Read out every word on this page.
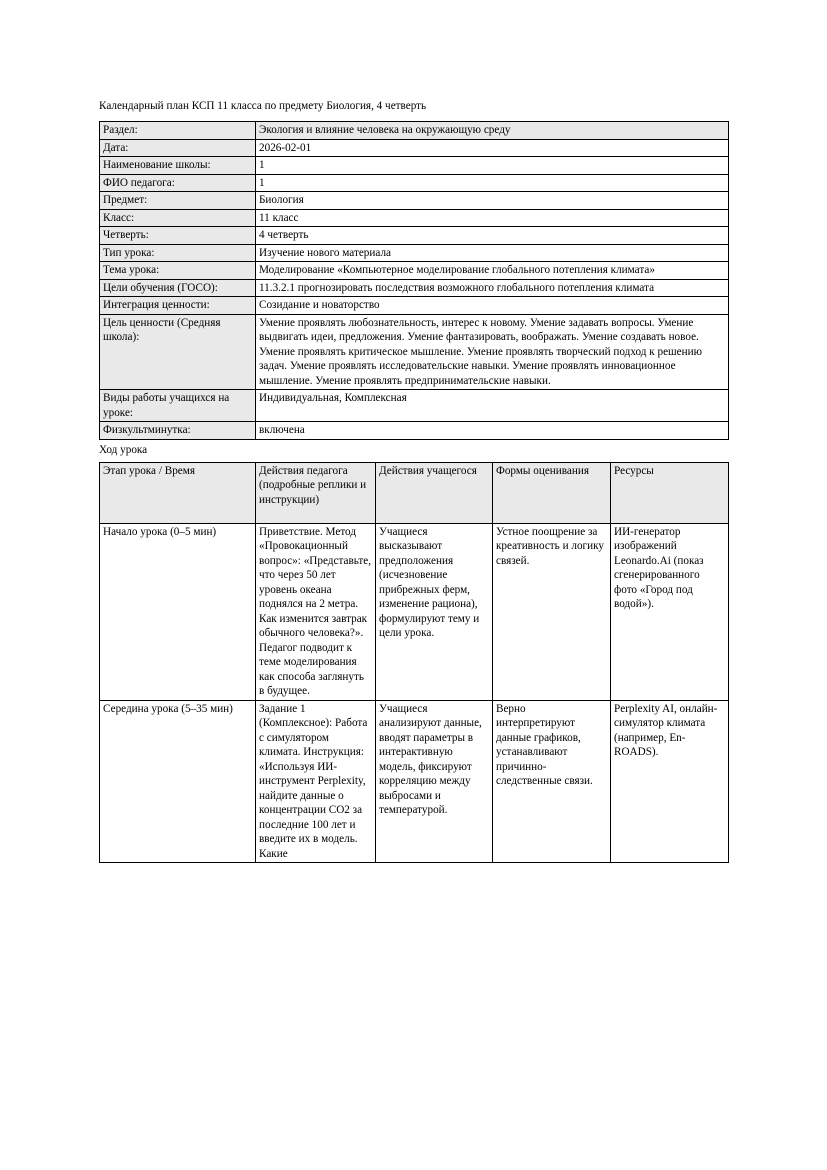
Календарный план КСП 11 класса по предмету Биология, 4 четверть

Раздел:	Экология и влияние человека на окружающую среду
Дата:	2026-02-01
Наименование школы:	1
ФИО педагога:	1
Предмет:	Биология
Класс:	11 класс
Четверть:	4 четверть
Тип урока:	Изучение нового материала
Тема урока:	Моделирование «Компьютерное моделирование глобального потепления климата»
Цели обучения (ГОСО):	11.3.2.1 прогнозировать последствия возможного глобального потепления климата
Интеграция ценности:	Созидание и новаторство
Цель ценности (Средняя школа):	Умение проявлять любознательность, интерес к новому. Умение задавать вопросы. Умение выдвигать идеи, предложения. Умение фантазировать, воображать. Умение создавать новое. Умение проявлять критическое мышление. Умение проявлять творческий подход к решению задач. Умение проявлять исследовательские навыки. Умение проявлять инновационное мышление. Умение проявлять предпринимательские навыки.
Виды работы учащихся на уроке:	Индивидуальная, Комплексная
Физкультминутка:	включена

Ход урока

Этап урока / Время	Действия педагога (подробные реплики и инструкции)	Действия учащегося	Формы оценивания	Ресурсы
Начало урока (0–5 мин)	Приветствие. Метод «Провокационный вопрос»: «Представьте, что через 50 лет уровень океана поднялся на 2 метра. Как изменится завтрак обычного человека?». Педагог подводит к теме моделирования как способа заглянуть в будущее.	Учащиеся высказывают предположения (исчезновение прибрежных ферм, изменение рациона), формулируют тему и цели урока.	Устное поощрение за креативность и логику связей.	ИИ-генератор изображений Leonardo.Ai (показ сгенерированного фото «Город под водой»).
Середина урока (5–35 мин)	Задание 1 (Комплексное): Работа с симулятором климата. Инструкция: «Используя ИИ-инструмент Perplexity, найдите данные о концентрации CO2 за последние 100 лет и введите их в модель. Какие	Учащиеся анализируют данные, вводят параметры в интерактивную модель, фиксируют корреляцию между выбросами и температурой.	Верно интерпретируют данные графиков, устанавливают причинно-следственные связи.	Perplexity AI, онлайн-симулятор климата (например, En-ROADS).
